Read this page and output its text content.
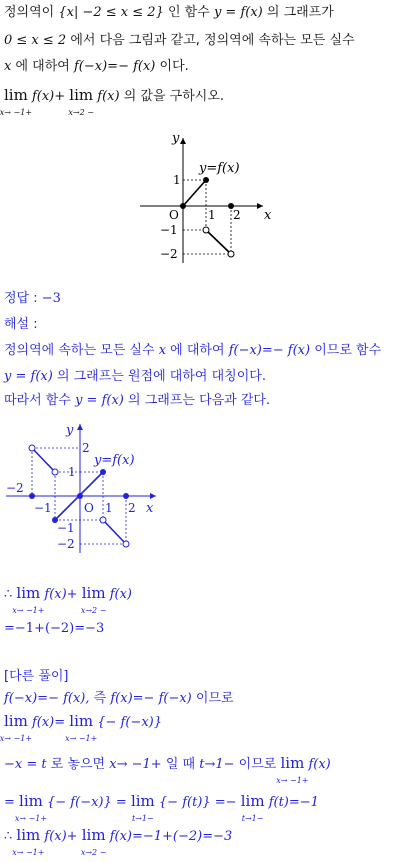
정의역이 {x| −2 ≤ x ≤ 2} 인 함수 y = f(x) 의 그래프가
0 ≤ x ≤ 2 에서 다음 그림과 같고, 정의역에 속하는 모든 실수
x 에 대하여 f(−x)=− f(x) 이다.
lim
x→ −1+
f(x)+ lim
x→2 −
f(x) 의 값을 구하시오.
y
x
y=f(x)
1
O 1 2
−1
−2
정답 : −3
해설 :
정의역에 속하는 모든 실수 x 에 대하여 f(−x)=− f(x) 이므로 함수
y = f(x) 의 그래프는 원점에 대하여 대칭이다.
따라서 함수 y = f(x) 의 그래프는 다음과 같다.
y
x
y=f(x)
2
1
−2
−1	O 1 2
−1
−2
∴ lim
x→ −1+
f(x)+ lim
x→2 −
f(x)
=−1+(−2)=−3
[다른 풀이]
f(−x)=− f(x), 즉 f(x)=− f(−x) 이므로
lim
x→ −1+
f(x)= lim
x→ −1+
{− f(−x)}
−x = t 로 놓으면 x→ −1+ 일 때 t→1− 이므로 lim
x→ −1+
f(x)
= lim
x→ −1+
{− f(−x)} = lim
t→1−
{− f(t)} =− lim
t→1−
f(t)=−1
∴ lim
x→ −1+
f(x)+ lim
x→2 −
f(x)=−1+(−2)=−3
